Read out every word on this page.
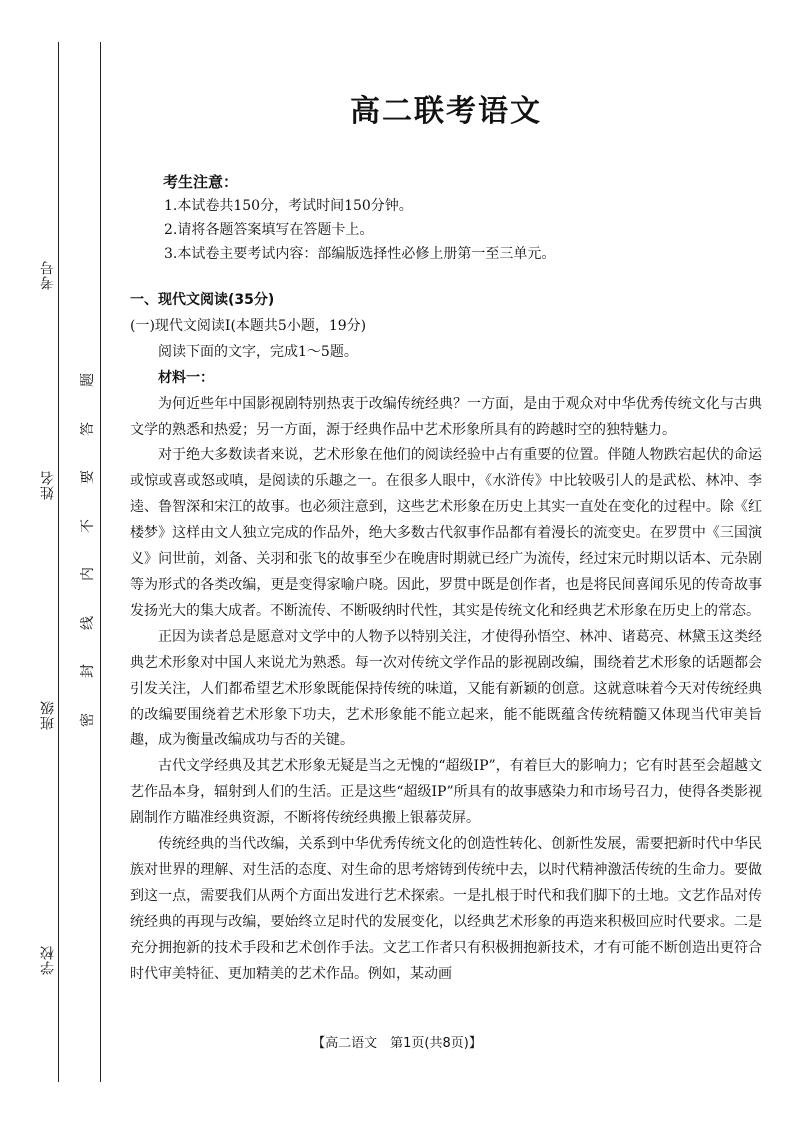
考号
姓名
班级
学校
题
答
要
不
内
线
封
密
高二联考语文
考生注意：
1.本试卷共150分，考试时间150分钟。
2.请将各题答案填写在答题卡上。
3.本试卷主要考试内容：部编版选择性必修上册第一至三单元。
一、现代文阅读(35分)
(一)现代文阅读Ⅰ(本题共5小题，19分)
阅读下面的文字，完成1～5题。
材料一：

为何近些年中国影视剧特别热衷于改编传统经典？一方面，是由于观众对中华优秀传统文化与古典文学的熟悉和热爱；另一方面，源于经典作品中艺术形象所具有的跨越时空的独特魅力。

对于绝大多数读者来说，艺术形象在他们的阅读经验中占有重要的位置。伴随人物跌宕起伏的命运或惊或喜或怒或嗔，是阅读的乐趣之一。在很多人眼中，《水浒传》中比较吸引人的是武松、林冲、李逵、鲁智深和宋江的故事。也必须注意到，这些艺术形象在历史上其实一直处在变化的过程中。除《红楼梦》这样由文人独立完成的作品外，绝大多数古代叙事作品都有着漫长的流变史。在罗贯中《三国演义》问世前，刘备、关羽和张飞的故事至少在晚唐时期就已经广为流传，经过宋元时期以话本、元杂剧等为形式的各类改编，更是变得家喻户晓。因此，罗贯中既是创作者，也是将民间喜闻乐见的传奇故事发扬光大的集大成者。不断流传、不断吸纳时代性，其实是传统文化和经典艺术形象在历史上的常态。

正因为读者总是愿意对文学中的人物予以特别关注，才使得孙悟空、林冲、诸葛亮、林黛玉这类经典艺术形象对中国人来说尤为熟悉。每一次对传统文学作品的影视剧改编，围绕着艺术形象的话题都会引发关注，人们都希望艺术形象既能保持传统的味道，又能有新颖的创意。这就意味着今天对传统经典的改编要围绕着艺术形象下功夫，艺术形象能不能立起来，能不能既蕴含传统精髓又体现当代审美旨趣，成为衡量改编成功与否的关键。

古代文学经典及其艺术形象无疑是当之无愧的“超级IP”，有着巨大的影响力；它有时甚至会超越文艺作品本身，辐射到人们的生活。正是这些“超级IP”所具有的故事感染力和市场号召力，使得各类影视剧制作方瞄准经典资源，不断将传统经典搬上银幕荧屏。

传统经典的当代改编，关系到中华优秀传统文化的创造性转化、创新性发展，需要把新时代中华民族对世界的理解、对生活的态度、对生命的思考熔铸到传统中去，以时代精神激活传统的生命力。要做到这一点，需要我们从两个方面出发进行艺术探索。一是扎根于时代和我们脚下的土地。文艺作品对传统经典的再现与改编，要始终立足时代的发展变化，以经典艺术形象的再造来积极回应时代要求。二是充分拥抱新的技术手段和艺术创作手法。文艺工作者只有积极拥抱新技术，才有可能不断创造出更符合时代审美特征、更加精美的艺术作品。例如，某动画

【高二语文　第1页(共8页)】
